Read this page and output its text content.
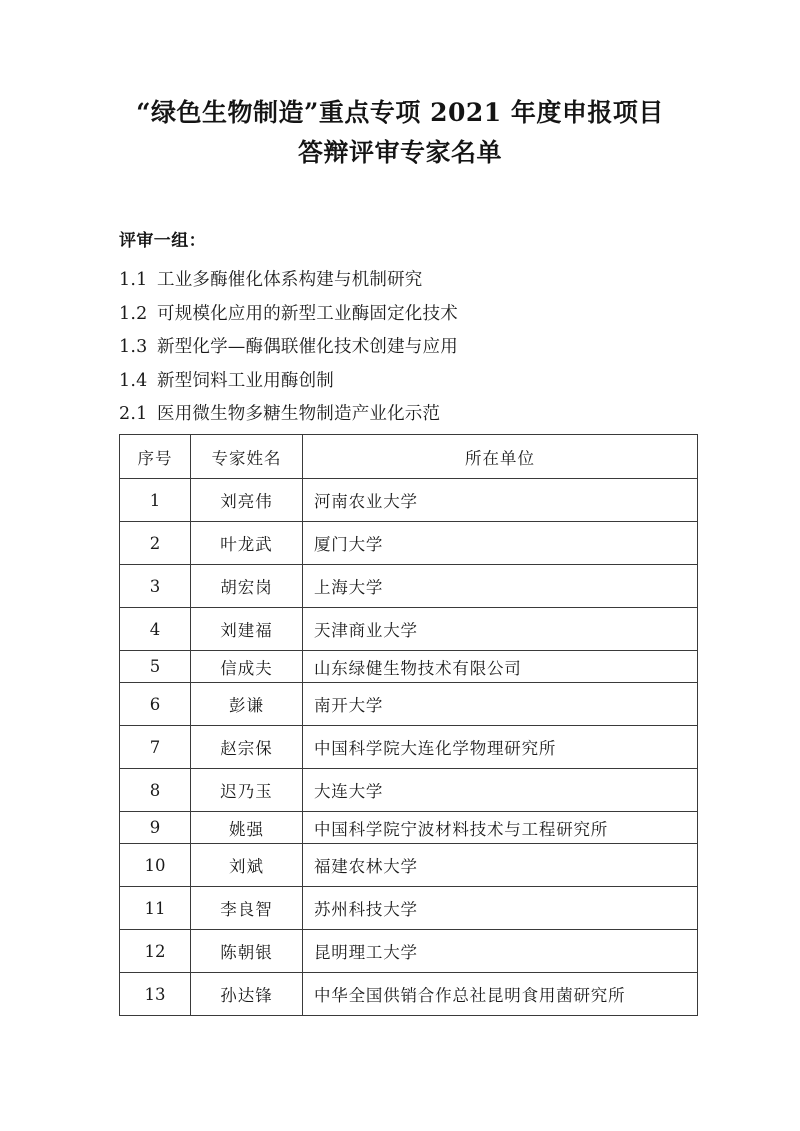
“绿色生物制造”重点专项 2021 年度申报项目
答辩评审专家名单
评审一组：
1.1 工业多酶催化体系构建与机制研究
1.2 可规模化应用的新型工业酶固定化技术
1.3 新型化学—酶偶联催化技术创建与应用
1.4 新型饲料工业用酶创制
2.1 医用微生物多糖生物制造产业化示范
序号	专家姓名	所在单位
1	刘亮伟	河南农业大学
2	叶龙武	厦门大学
3	胡宏岗	上海大学
4	刘建福	天津商业大学
5	信成夫	山东绿健生物技术有限公司
6	彭谦	南开大学
7	赵宗保	中国科学院大连化学物理研究所
8	迟乃玉	大连大学
9	姚强	中国科学院宁波材料技术与工程研究所
10	刘斌	福建农林大学
11	李良智	苏州科技大学
12	陈朝银	昆明理工大学
13	孙达锋	中华全国供销合作总社昆明食用菌研究所
